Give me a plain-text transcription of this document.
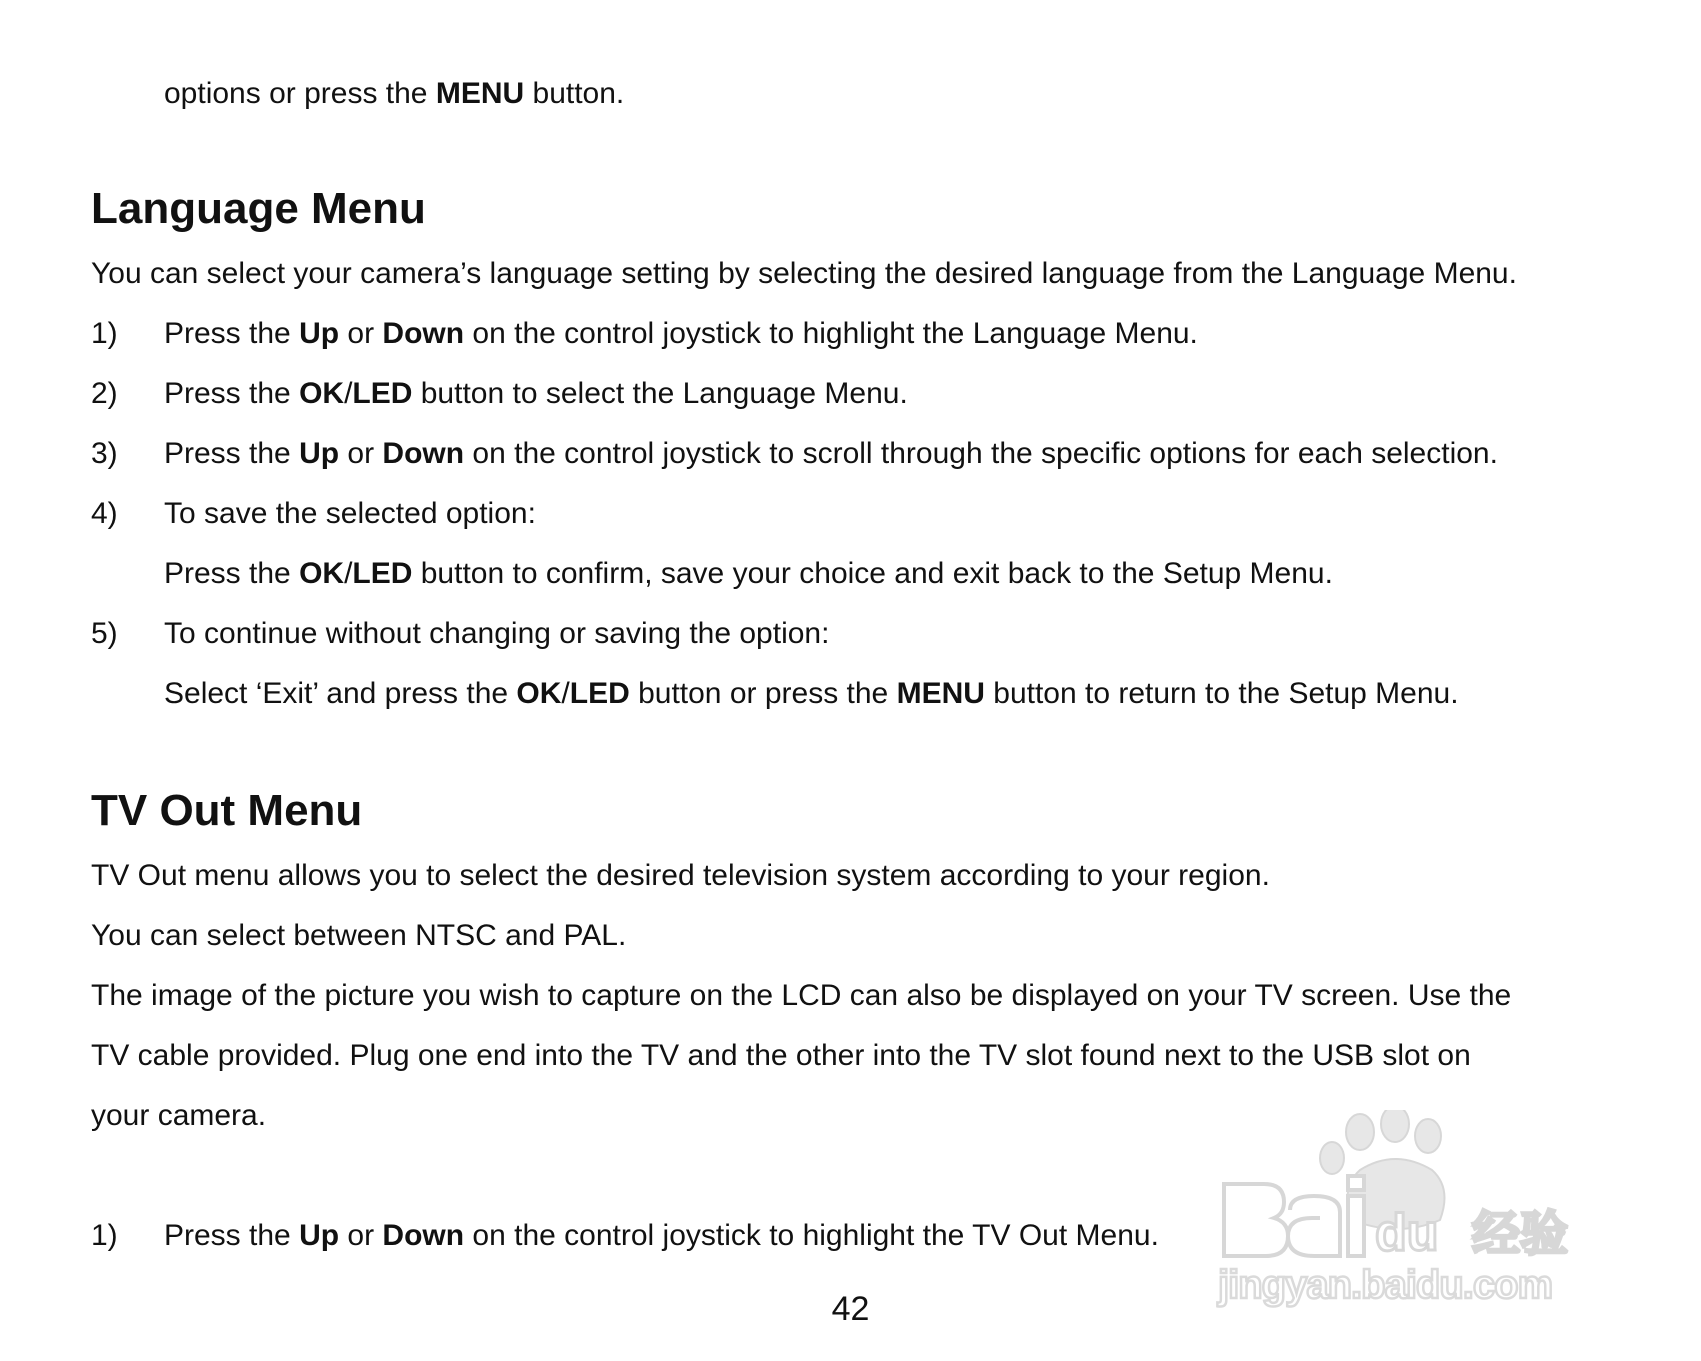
options or press the MENU button.
Language Menu
You can select your camera’s language setting by selecting the desired language from the Language Menu.
1) Press the Up or Down on the control joystick to highlight the Language Menu.
2) Press the OK/LED button to select the Language Menu.
3) Press the Up or Down on the control joystick to scroll through the specific options for each selection.
4) To save the selected option:
Press the OK/LED button to confirm, save your choice and exit back to the Setup Menu.
5) To continue without changing or saving the option:
Select ‘Exit’ and press the OK/LED button or press the MENU button to return to the Setup Menu.
TV Out Menu
TV Out menu allows you to select the desired television system according to your region.
You can select between NTSC and PAL.
The image of the picture you wish to capture on the LCD can also be displayed on your TV screen. Use the
TV cable provided. Plug one end into the TV and the other into the TV slot found next to the USB slot on
your camera.
1) Press the Up or Down on the control joystick to highlight the TV Out Menu.
42
du 经验
jingyan.baidu.com
